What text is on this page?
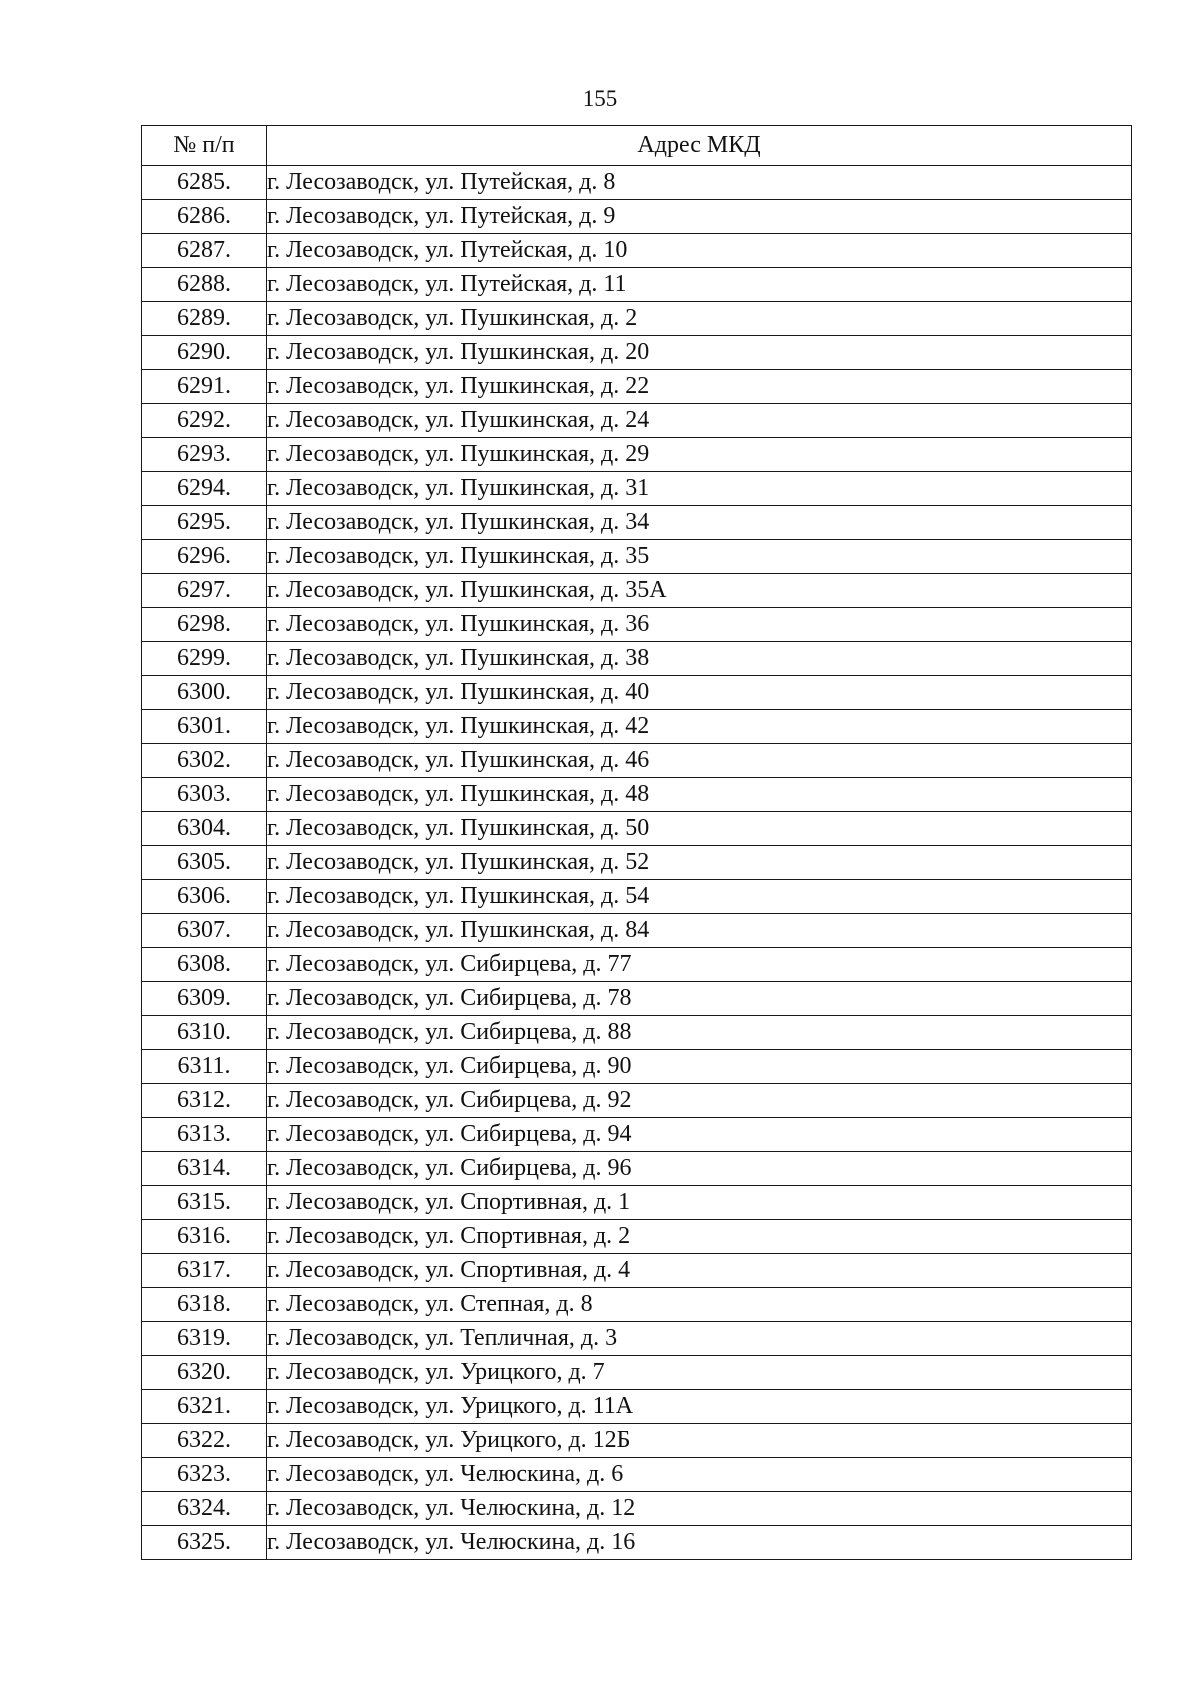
155
№ п/п	Адрес МКД
6285.	г. Лесозаводск, ул. Путейская, д. 8
6286.	г. Лесозаводск, ул. Путейская, д. 9
6287.	г. Лесозаводск, ул. Путейская, д. 10
6288.	г. Лесозаводск, ул. Путейская, д. 11
6289.	г. Лесозаводск, ул. Пушкинская, д. 2
6290.	г. Лесозаводск, ул. Пушкинская, д. 20
6291.	г. Лесозаводск, ул. Пушкинская, д. 22
6292.	г. Лесозаводск, ул. Пушкинская, д. 24
6293.	г. Лесозаводск, ул. Пушкинская, д. 29
6294.	г. Лесозаводск, ул. Пушкинская, д. 31
6295.	г. Лесозаводск, ул. Пушкинская, д. 34
6296.	г. Лесозаводск, ул. Пушкинская, д. 35
6297.	г. Лесозаводск, ул. Пушкинская, д. 35А
6298.	г. Лесозаводск, ул. Пушкинская, д. 36
6299.	г. Лесозаводск, ул. Пушкинская, д. 38
6300.	г. Лесозаводск, ул. Пушкинская, д. 40
6301.	г. Лесозаводск, ул. Пушкинская, д. 42
6302.	г. Лесозаводск, ул. Пушкинская, д. 46
6303.	г. Лесозаводск, ул. Пушкинская, д. 48
6304.	г. Лесозаводск, ул. Пушкинская, д. 50
6305.	г. Лесозаводск, ул. Пушкинская, д. 52
6306.	г. Лесозаводск, ул. Пушкинская, д. 54
6307.	г. Лесозаводск, ул. Пушкинская, д. 84
6308.	г. Лесозаводск, ул. Сибирцева, д. 77
6309.	г. Лесозаводск, ул. Сибирцева, д. 78
6310.	г. Лесозаводск, ул. Сибирцева, д. 88
6311.	г. Лесозаводск, ул. Сибирцева, д. 90
6312.	г. Лесозаводск, ул. Сибирцева, д. 92
6313.	г. Лесозаводск, ул. Сибирцева, д. 94
6314.	г. Лесозаводск, ул. Сибирцева, д. 96
6315.	г. Лесозаводск, ул. Спортивная, д. 1
6316.	г. Лесозаводск, ул. Спортивная, д. 2
6317.	г. Лесозаводск, ул. Спортивная, д. 4
6318.	г. Лесозаводск, ул. Степная, д. 8
6319.	г. Лесозаводск, ул. Тепличная, д. 3
6320.	г. Лесозаводск, ул. Урицкого, д. 7
6321.	г. Лесозаводск, ул. Урицкого, д. 11А
6322.	г. Лесозаводск, ул. Урицкого, д. 12Б
6323.	г. Лесозаводск, ул. Челюскина, д. 6
6324.	г. Лесозаводск, ул. Челюскина, д. 12
6325.	г. Лесозаводск, ул. Челюскина, д. 16
